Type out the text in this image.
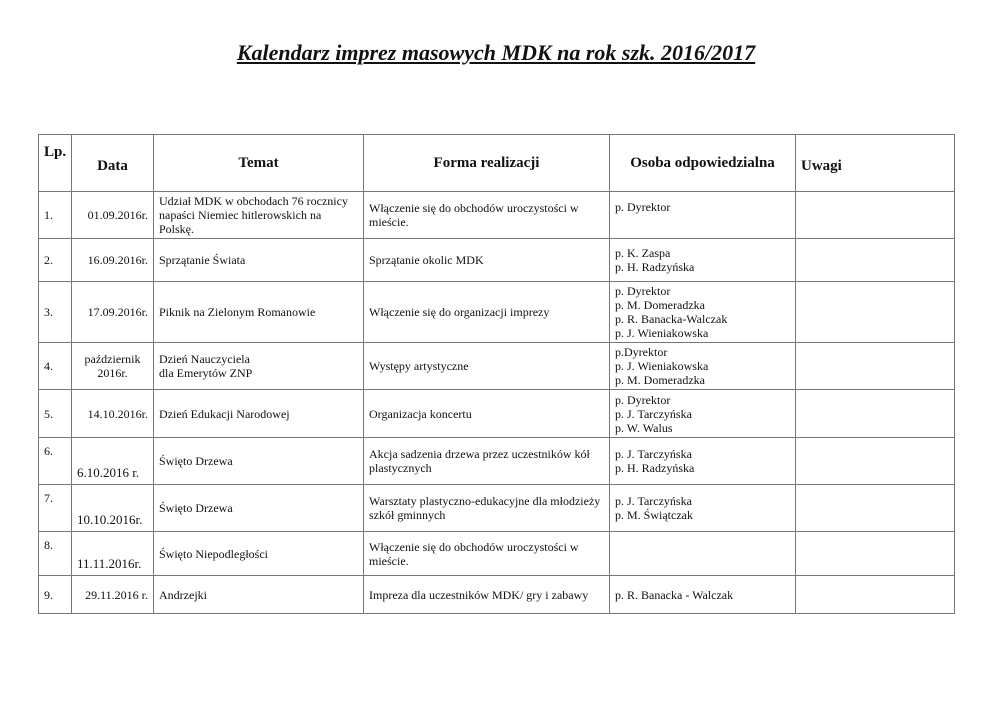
Kalendarz imprez masowych MDK na rok szk. 2016/2017
Lp.	Data	Temat	Forma realizacji	Osoba odpowiedzialna	Uwagi
1.	01.09.2016r.	Udział MDK w obchodach 76 rocznicy napaści Niemiec hitlerowskich na Polskę.	Włączenie się do obchodów uroczystości w mieście.	p. Dyrektor	
2.	16.09.2016r.	Sprzątanie Świata	Sprzątanie okolic MDK	p. K. Zaspa
p. H. Radzyńska	
3.	17.09.2016r.	Piknik na Zielonym Romanowie	Włączenie się do organizacji imprezy	p. Dyrektor
p. M. Domeradzka
p. R. Banacka-Walczak
p. J. Wieniakowska	
4.	październik
2016r.	Dzień Nauczyciela
dla Emerytów ZNP	Występy artystyczne	p.Dyrektor
p. J. Wieniakowska
p. M. Domeradzka	
5.	14.10.2016r.	Dzień Edukacji Narodowej	Organizacja koncertu	p. Dyrektor
p. J. Tarczyńska
p. W. Walus	
6.	6.10.2016 r.	Święto Drzewa	Akcja sadzenia drzewa przez uczestników kół plastycznych	p. J. Tarczyńska
p. H. Radzyńska	
7.	10.10.2016r.	Święto Drzewa	Warsztaty plastyczno-edukacyjne dla młodzieży szkół gminnych	p. J. Tarczyńska
p. M. Świątczak	
8.	11.11.2016r.	Święto Niepodległości	Włączenie się do obchodów uroczystości w mieście.		
9.	29.11.2016 r.	Andrzejki	Impreza dla uczestników MDK/ gry i zabawy	p. R. Banacka - Walczak	
